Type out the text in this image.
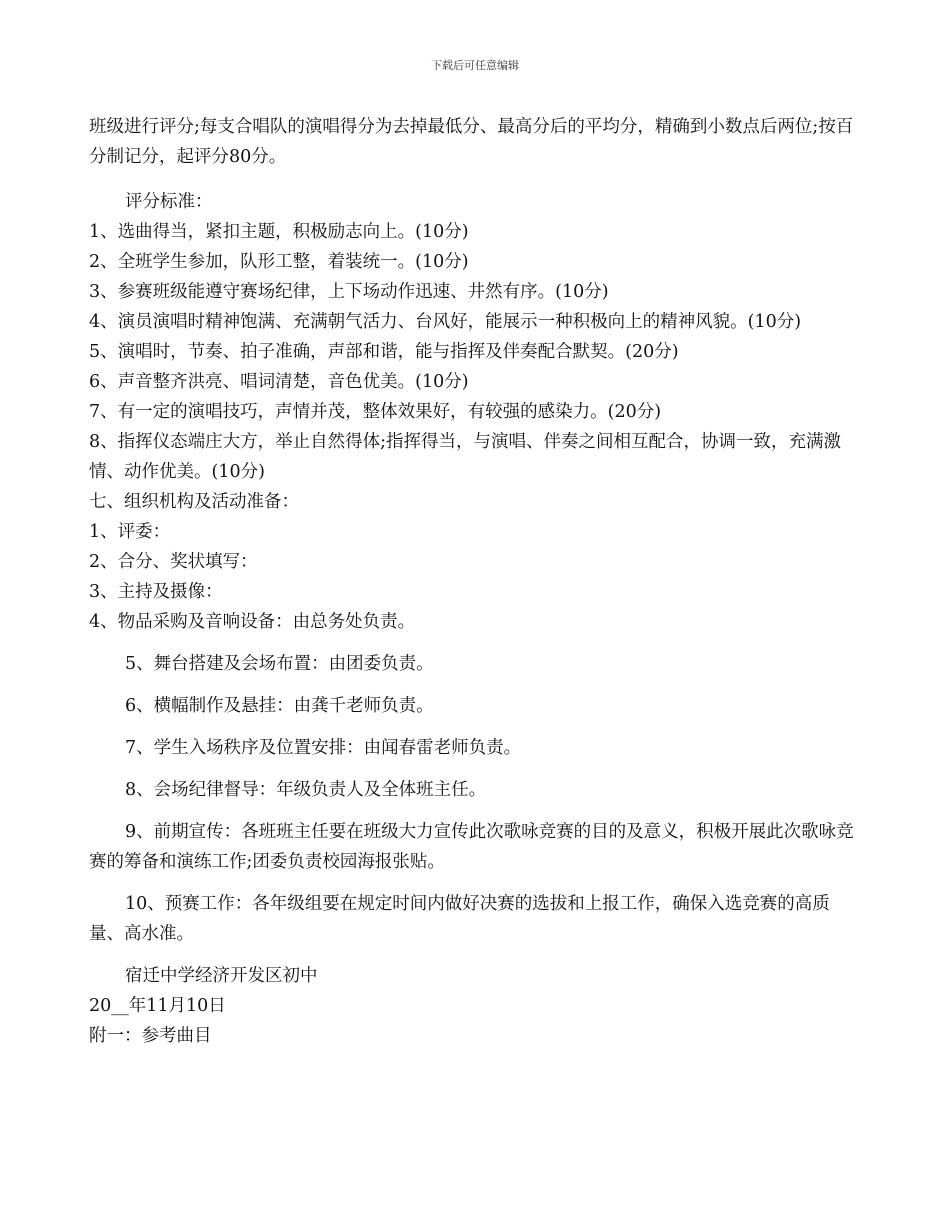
下载后可任意编辑

班级进行评分;每支合唱队的演唱得分为去掉最低分、最高分后的平均分，精确到小数点后两位;按百分制记分，起评分80分。

评分标准：

1、选曲得当，紧扣主题，积极励志向上。(10分)

2、全班学生参加，队形工整，着装统一。(10分)

3、参赛班级能遵守赛场纪律，上下场动作迅速、井然有序。(10分)

4、演员演唱时精神饱满、充满朝气活力、台风好，能展示一种积极向上的精神风貌。(10分)

5、演唱时，节奏、拍子准确，声部和谐，能与指挥及伴奏配合默契。(20分)

6、声音整齐洪亮、唱词清楚，音色优美。(10分)

7、有一定的演唱技巧，声情并茂，整体效果好，有较强的感染力。(20分)

8、指挥仪态端庄大方，举止自然得体;指挥得当，与演唱、伴奏之间相互配合，协调一致，充满激情、动作优美。(10分)

七、组织机构及活动准备：

1、评委：

2、合分、奖状填写：

3、主持及摄像：

4、物品采购及音响设备：由总务处负责。

5、舞台搭建及会场布置：由团委负责。

6、横幅制作及悬挂：由龚千老师负责。

7、学生入场秩序及位置安排：由闻春雷老师负责。

8、会场纪律督导：年级负责人及全体班主任。

9、前期宣传：各班班主任要在班级大力宣传此次歌咏竞赛的目的及意义，积极开展此次歌咏竞赛的筹备和演练工作;团委负责校园海报张贴。

10、预赛工作：各年级组要在规定时间内做好决赛的选拔和上报工作，确保入选竞赛的高质量、高水准。

宿迁中学经济开发区初中

20__年11月10日

附一：参考曲目
